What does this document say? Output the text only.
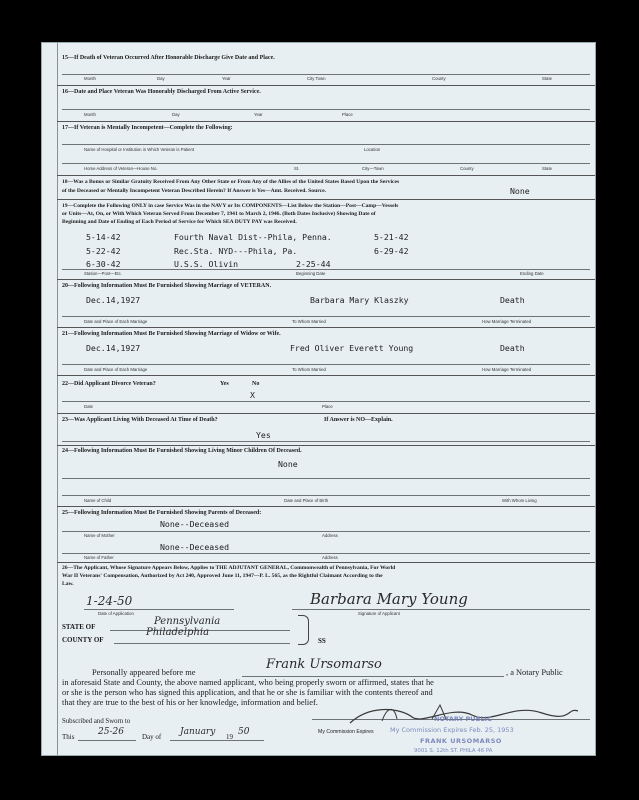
15—If Death of Veteran Occurred After Honorable Discharge Give Date and Place.
Month	Day	Year	City Town	County	State
16—Date and Place Veteran Was Honorably Discharged From Active Service.
Month	Day	Year	Place
17—If Veteran is Mentally Incompetent—Complete the Following:
Name of Hospital or Institution in Which Veteran is Patient	Location
Home Address of Veteran—House No.	St.	City—Town	County	State
18—Was a Bonus or Similar Gratuity Received From Any Other State or From Any of the Allies of the United States Based Upon the Services
of the Deceased or Mentally Incompetent Veteran Described Herein? If Answer is Yes—Amt. Received. Source.	None
19—Complete the Following ONLY in case Service Was in the NAVY or Its COMPONENTS—List Below the Station—Post—Camp—Vessels
or Units—At, On, or With Which Veteran Served From December 7, 1941 to March 2, 1946. (Both Dates Inclusive) Showing Date of
Beginning and Date of Ending of Each Period of Service for Which SEA DUTY PAY was Received.
5-14-42	Fourth Naval Dist--Phila, Penna.	5-21-42
5-22-42	Rec.Sta. NYD---Phila, Pa.	6-29-42
6-30-42	U.S.S. Olivin	2-25-44
Station—Post—Etc.	Beginning Date	Ending Date
20—Following Information Must Be Furnished Showing Marriage of VETERAN.
Dec.14,1927	Barbara Mary Klaszky	Death
Date and Place of Each Marriage	To Whom Married	How Marriage Terminated
21—Following Information Must Be Furnished Showing Marriage of Widow or Wife.
Dec.14,1927	Fred Oliver Everett Young	Death
Date and Place of Each Marriage	To Whom Married	How Marriage Terminated
22—Did Applicant Divorce Veteran?	Yes	No
X
Date	Place
23—Was Applicant Living With Deceased At Time of Death?	If Answer is NO—Explain.
Yes
24—Following Information Must Be Furnished Showing Living Minor Children Of Deceased.
None
Name of Child	Date and Place of Birth	With Whom Living
25—Following Information Must Be Furnished Showing Parents of Deceased:
None--Deceased
Name of Mother	Address
None--Deceased
Name of Father	Address
26—The Applicant, Whose Signature Appears Below, Applies to THE ADJUTANT GENERAL, Commonwealth of Pennsylvania, For World
War II Veterans' Compensation, Authorized by Act 240, Approved June 11, 1947—P. L. 565, as the Rightful Claimant According to the
Law.
1-24-50	Barbara Mary Young
Date of Application	Signature of Applicant
STATE OF	Pennsylvania
COUNTY OF
Philadelphia
SS
Personally appeared before me
Frank Ursomarso
, a Notary Public
in aforesaid State and County, the above named applicant, who being properly sworn or affirmed, states that he
or she is the person who has signed this application, and that he or she is familiar with the contents thereof and
that they are true to the best of his or her knowledge, information and belief.
Subscribed and Sworn to
This	25-26	Day of January 19 50	My Commission Expires
NOTARY PUBLIC
My Commission Expires Feb. 25, 1953
FRANK URSOMARSO
9001 S. 12th ST. PHILA 46 PA
